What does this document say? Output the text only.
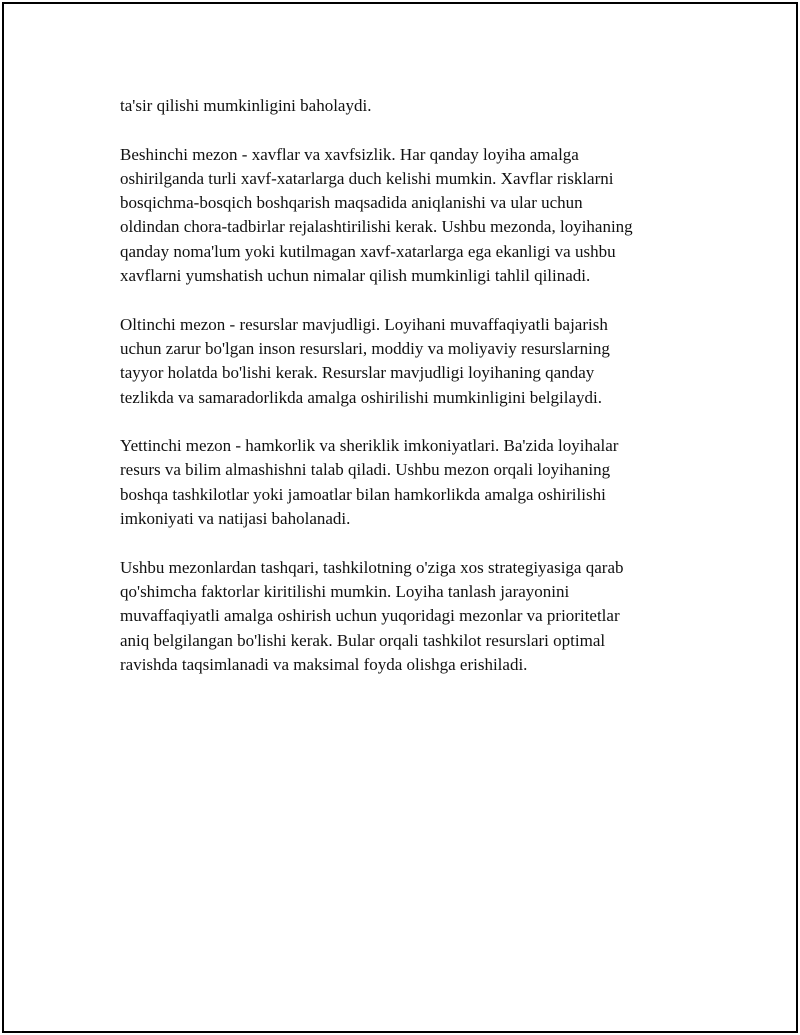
ta'sir qilishi mumkinligini baholaydi.

Beshinchi mezon - xavflar va xavfsizlik. Har qanday loyiha amalga
oshirilganda turli xavf-xatarlarga duch kelishi mumkin. Xavflar risklarni
bosqichma-bosqich boshqarish maqsadida aniqlanishi va ular uchun
oldindan chora-tadbirlar rejalashtirilishi kerak. Ushbu mezonda, loyihaning
qanday noma'lum yoki kutilmagan xavf-xatarlarga ega ekanligi va ushbu
xavflarni yumshatish uchun nimalar qilish mumkinligi tahlil qilinadi.

Oltinchi mezon - resurslar mavjudligi. Loyihani muvaffaqiyatli bajarish
uchun zarur bo'lgan inson resurslari, moddiy va moliyaviy resurslarning
tayyor holatda bo'lishi kerak. Resurslar mavjudligi loyihaning qanday
tezlikda va samaradorlikda amalga oshirilishi mumkinligini belgilaydi.

Yettinchi mezon - hamkorlik va sheriklik imkoniyatlari. Ba'zida loyihalar
resurs va bilim almashishni talab qiladi. Ushbu mezon orqali loyihaning
boshqa tashkilotlar yoki jamoatlar bilan hamkorlikda amalga oshirilishi
imkoniyati va natijasi baholanadi.

Ushbu mezonlardan tashqari, tashkilotning o'ziga xos strategiyasiga qarab
qo'shimcha faktorlar kiritilishi mumkin. Loyiha tanlash jarayonini
muvaffaqiyatli amalga oshirish uchun yuqoridagi mezonlar va prioritetlar
aniq belgilangan bo'lishi kerak. Bular orqali tashkilot resurslari optimal
ravishda taqsimlanadi va maksimal foyda olishga erishiladi.
